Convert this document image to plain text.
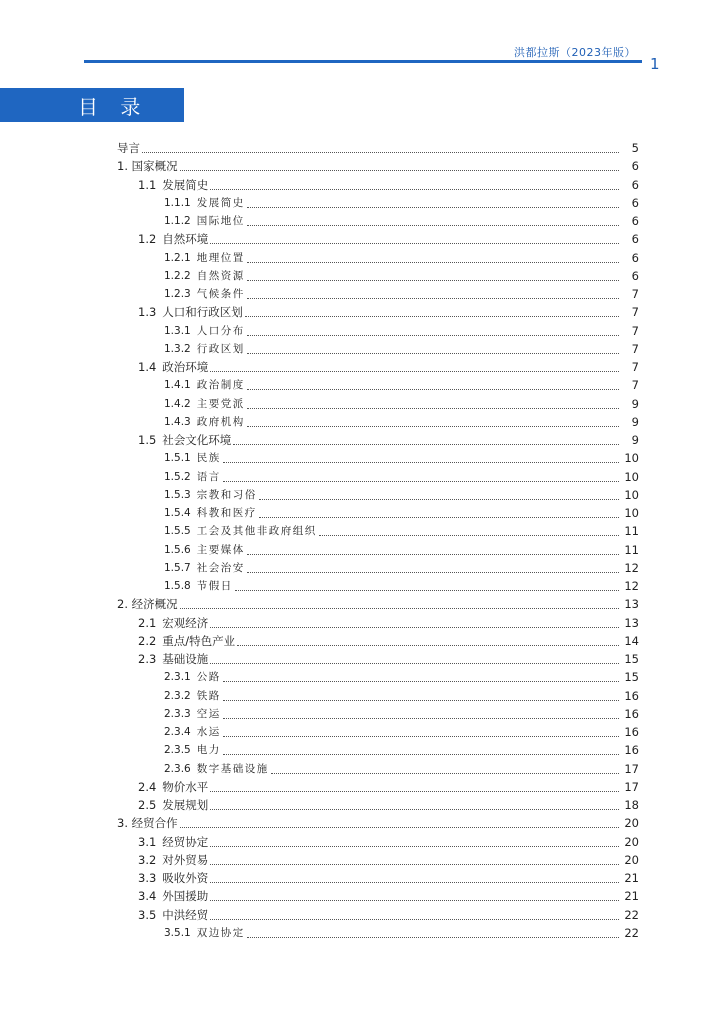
洪都拉斯（2023年版）
1
目 录
导言	5
1. 国家概况	6
1.1 发展简史	6
1.1.1 发展简史	6
1.1.2 国际地位	6
1.2 自然环境	6
1.2.1 地理位置	6
1.2.2 自然资源	6
1.2.3 气候条件	7
1.3 人口和行政区划	7
1.3.1 人口分布	7
1.3.2 行政区划	7
1.4 政治环境	7
1.4.1 政治制度	7
1.4.2 主要党派	9
1.4.3 政府机构	9
1.5 社会文化环境	9
1.5.1 民族	10
1.5.2 语言	10
1.5.3 宗教和习俗	10
1.5.4 科教和医疗	10
1.5.5 工会及其他非政府组织	11
1.5.6 主要媒体	11
1.5.7 社会治安	12
1.5.8 节假日	12
2. 经济概况	13
2.1 宏观经济	13
2.2 重点/特色产业	14
2.3 基础设施	15
2.3.1 公路	15
2.3.2 铁路	16
2.3.3 空运	16
2.3.4 水运	16
2.3.5 电力	16
2.3.6 数字基础设施	17
2.4 物价水平	17
2.5 发展规划	18
3. 经贸合作	20
3.1 经贸协定	20
3.2 对外贸易	20
3.3 吸收外资	21
3.4 外国援助	21
3.5 中洪经贸	22
3.5.1 双边协定	22
